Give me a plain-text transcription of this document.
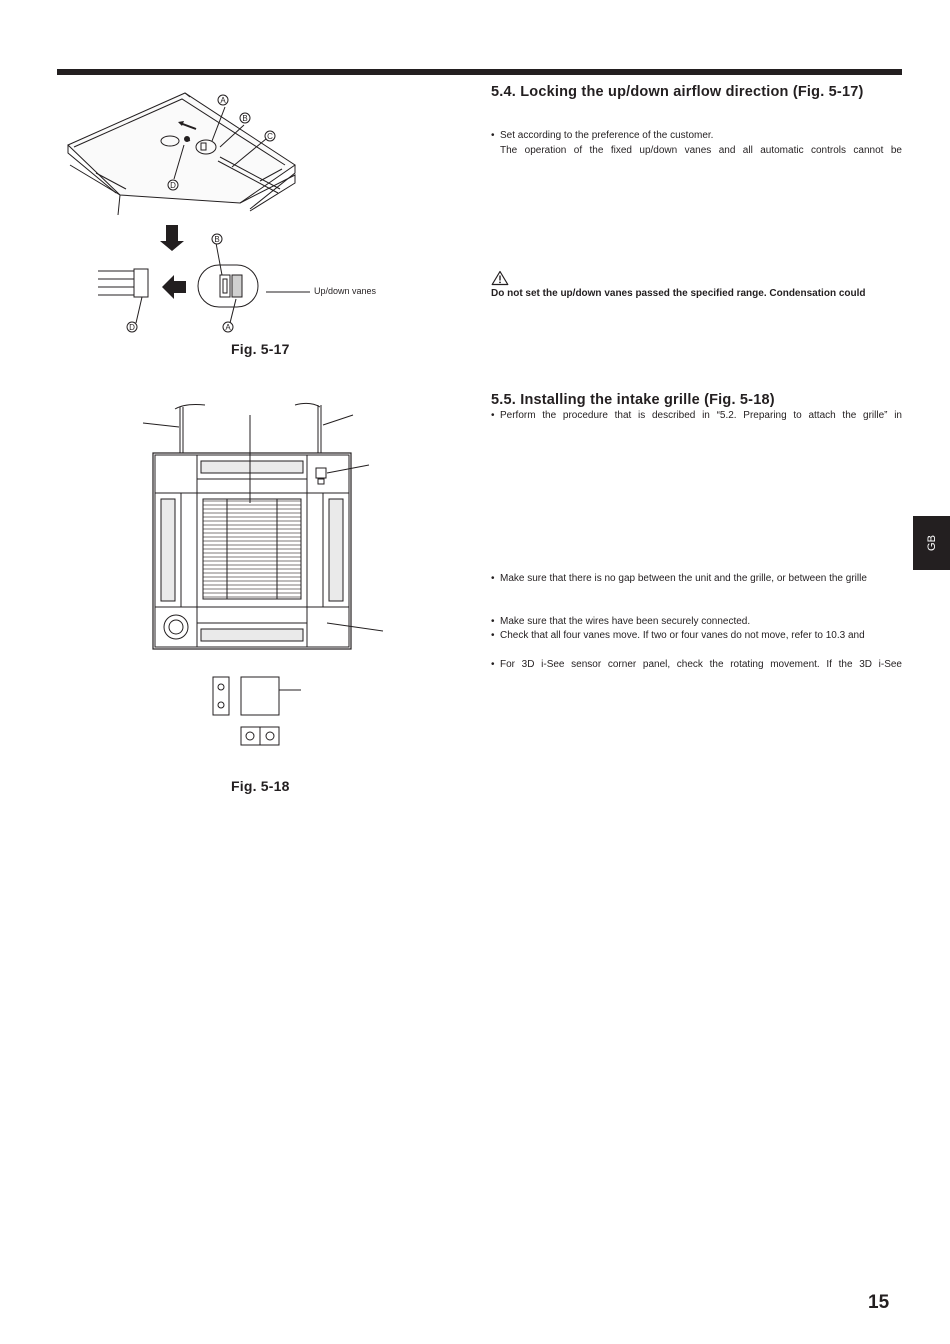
A
B
C
D
B
A
D
Up/down vanes
Fig. 5-17
Fig. 5-18
5.4. Locking the up/down airflow direction (Fig. 5-17)
• Set according to the preference of the customer.
The operation of the fixed up/down vanes and all automatic controls cannot be
Do not set the up/down vanes passed the specified range. Condensation could
5.5. Installing the intake grille (Fig. 5-18)
• Perform the procedure that is described in “5.2. Preparing to attach the grille” in
• Make sure that there is no gap between the unit and the grille, or between the grille
• Make sure that the wires have been securely connected.
• Check that all four vanes move. If two or four vanes do not move, refer to 10.3 and
• For 3D i-See sensor corner panel, check the rotating movement. If the 3D i-See
GB
15
